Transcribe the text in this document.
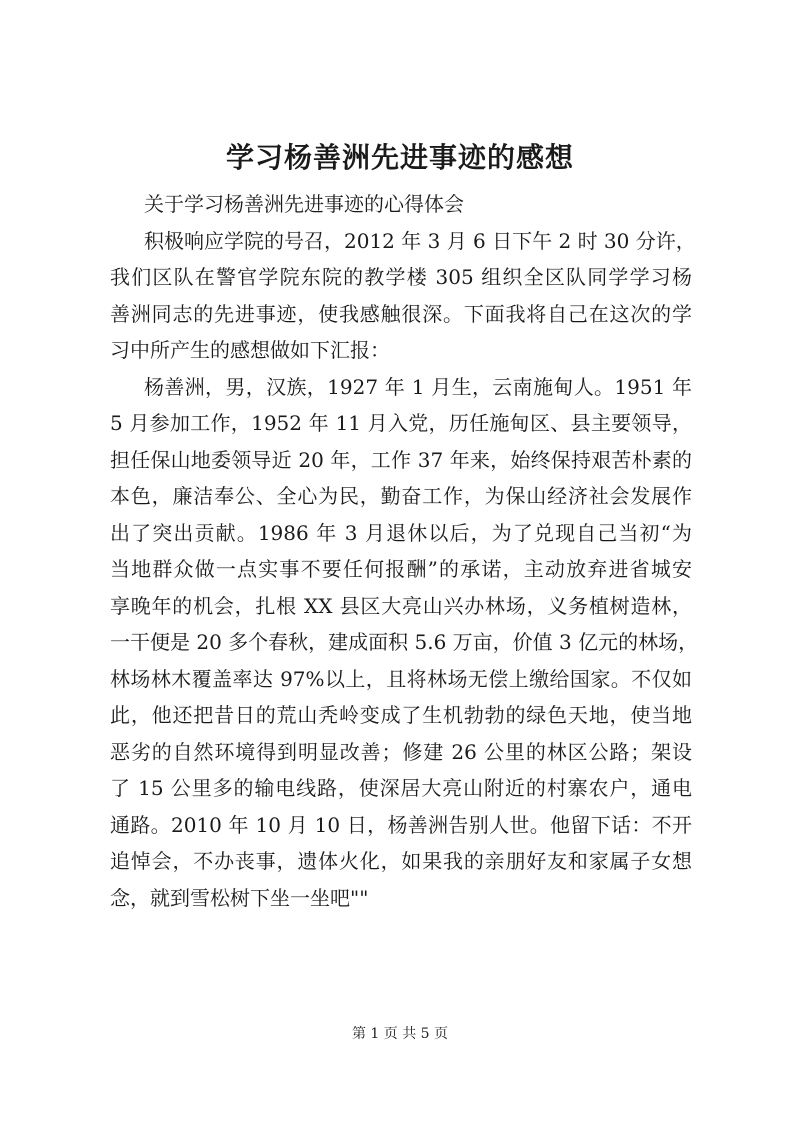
学习杨善洲先进事迹的感想
关于学习杨善洲先进事迹的心得体会
积极响应学院的号召，2012 年 3 月 6 日下午 2 时 30 分许，
我们区队在警官学院东院的教学楼 305 组织全区队同学学习杨
善洲同志的先进事迹，使我感触很深。下面我将自己在这次的学
习中所产生的感想做如下汇报：
杨善洲，男，汉族，1927 年 1 月生，云南施甸人。1951 年
5 月参加工作，1952 年 11 月入党，历任施甸区、县主要领导，
担任保山地委领导近 20 年，工作 37 年来，始终保持艰苦朴素的
本色，廉洁奉公、全心为民，勤奋工作，为保山经济社会发展作
出了突出贡献。1986 年 3 月退休以后，为了兑现自己当初“为
当地群众做一点实事不要任何报酬”的承诺，主动放弃进省城安
享晚年的机会，扎根 XX 县区大亮山兴办林场，义务植树造林，
一干便是 20 多个春秋，建成面积 5.6 万亩，价值 3 亿元的林场，
林场林木覆盖率达 97%以上，且将林场无偿上缴给国家。不仅如
此，他还把昔日的荒山秃岭变成了生机勃勃的绿色天地，使当地
恶劣的自然环境得到明显改善；修建 26 公里的林区公路；架设
了 15 公里多的输电线路，使深居大亮山附近的村寨农户，通电
通路。2010 年 10 月 10 日，杨善洲告别人世。他留下话：不开
追悼会，不办丧事，遗体火化，如果我的亲朋好友和家属子女想
念，就到雪松树下坐一坐吧""
第 1 页 共 5 页
